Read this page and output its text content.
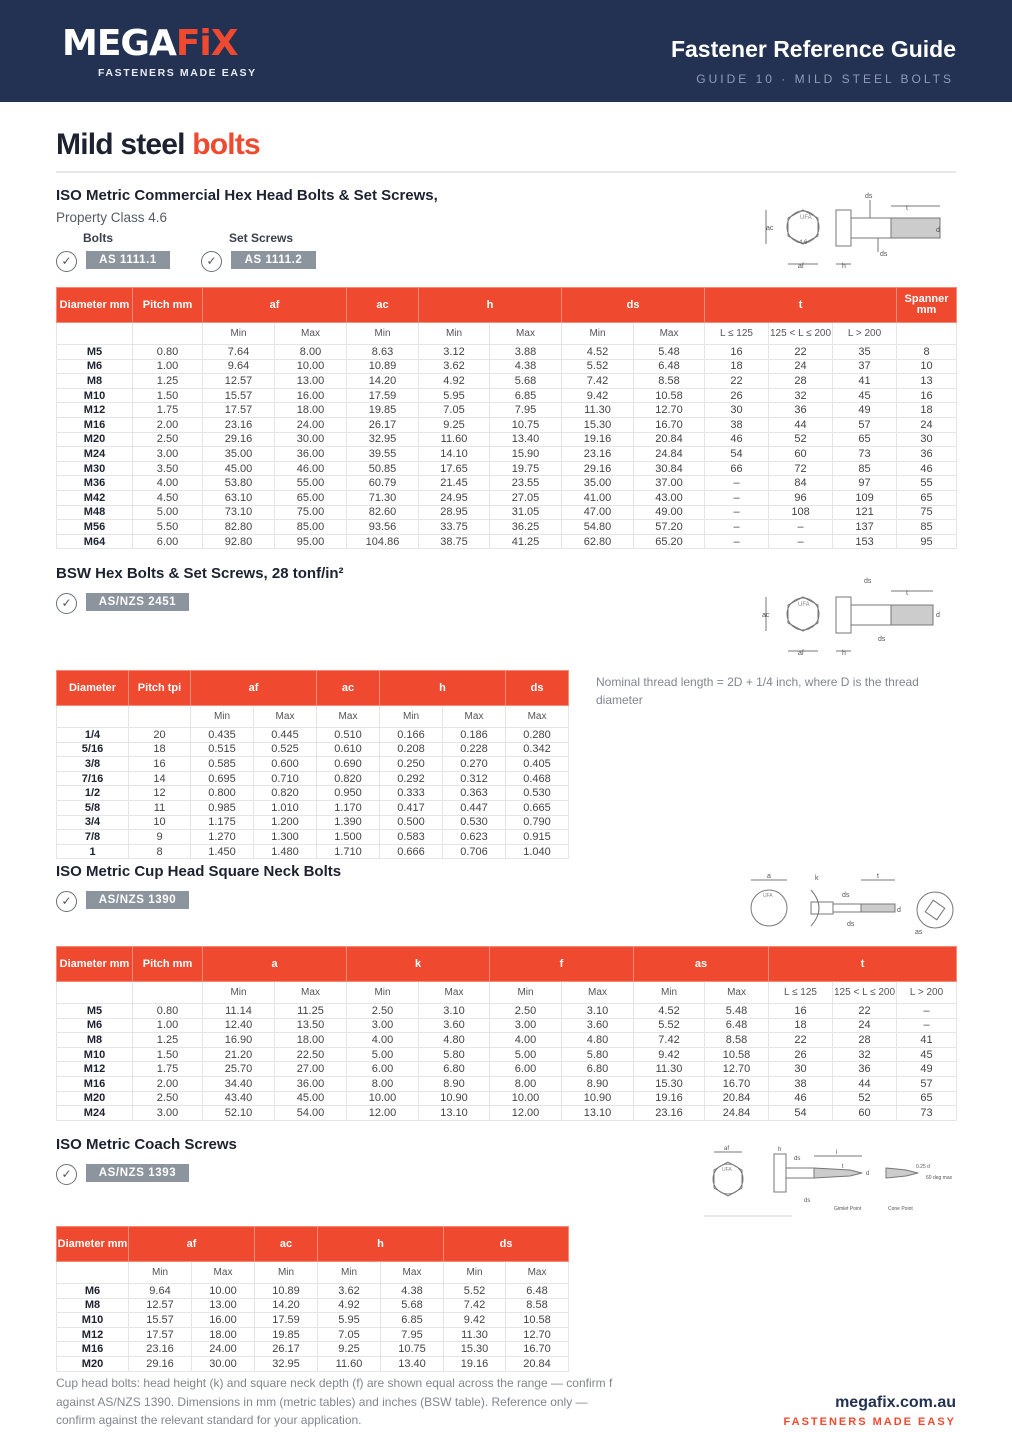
MEGAFiX
FASTENERS MADE EASY
Fastener Reference Guide
GUIDE 10 · MILD STEEL BOLTS
Mild steel bolts
ISO Metric Commercial Hex Head Bolts & Set Screws,
Property Class 4.6
Bolts	Set Screws
✓	AS 1111.1	✓	AS 1111.2
UFA
4.6
ac
af	h
ds
t
d
ds
Diameter mm	Pitch mm	af		ac	h		ds		t			Spanner mm
		Min	Max	Min	Min	Max	Min	Max	L ≤ 125	125 < L ≤ 200	L > 200	
M5	0.80	7.64	8.00	8.63	3.12	3.88	4.52	5.48	16	22	35	8
M6	1.00	9.64	10.00	10.89	3.62	4.38	5.52	6.48	18	24	37	10
M8	1.25	12.57	13.00	14.20	4.92	5.68	7.42	8.58	22	28	41	13
M10	1.50	15.57	16.00	17.59	5.95	6.85	9.42	10.58	26	32	45	16
M12	1.75	17.57	18.00	19.85	7.05	7.95	11.30	12.70	30	36	49	18
M16	2.00	23.16	24.00	26.17	9.25	10.75	15.30	16.70	38	44	57	24
M20	2.50	29.16	30.00	32.95	11.60	13.40	19.16	20.84	46	52	65	30
M24	3.00	35.00	36.00	39.55	14.10	15.90	23.16	24.84	54	60	73	36
M30	3.50	45.00	46.00	50.85	17.65	19.75	29.16	30.84	66	72	85	46
M36	4.00	53.80	55.00	60.79	21.45	23.55	35.00	37.00	–	84	97	55
M42	4.50	63.10	65.00	71.30	24.95	27.05	41.00	43.00	–	96	109	65
M48	5.00	73.10	75.00	82.60	28.95	31.05	47.00	49.00	–	108	121	75
M56	5.50	82.80	85.00	93.56	33.75	36.25	54.80	57.20	–	–	137	85
M64	6.00	92.80	95.00	104.86	38.75	41.25	62.80	65.20	–	–	153	95
BSW Hex Bolts & Set Screws, 28 tonf/in²
✓	AS/NZS 2451	UFA
ac
af	h
ds
t
d
ds
Diameter	Pitch tpi	af		ac	h		ds
		Min	Max	Max	Min	Max	Max
1/4	20	0.435	0.445	0.510	0.166	0.186	0.280
5/16	18	0.515	0.525	0.610	0.208	0.228	0.342
3/8	16	0.585	0.600	0.690	0.250	0.270	0.405
7/16	14	0.695	0.710	0.820	0.292	0.312	0.468
1/2	12	0.800	0.820	0.950	0.333	0.363	0.530
5/8	11	0.985	1.010	1.170	0.417	0.447	0.665
3/4	10	1.175	1.200	1.390	0.500	0.530	0.790
7/8	9	1.270	1.300	1.500	0.583	0.623	0.915
1	8	1.450	1.480	1.710	0.666	0.706	1.040
Nominal thread length = 2D + 1/4 inch, where D is the thread diameter
ISO Metric Cup Head Square Neck Bolts
✓	AS/NZS 1390
a
UFA
k
ds
t
d
ds
as
Diameter mm	Pitch mm	a		k		f		as		t		
		Min	Max	Min	Max	Min	Max	Min	Max	L ≤ 125	125 < L ≤ 200	L > 200
M5	0.80	11.14	11.25	2.50	3.10	2.50	3.10	4.52	5.48	16	22	–
M6	1.00	12.40	13.50	3.00	3.60	3.00	3.60	5.52	6.48	18	24	–
M8	1.25	16.90	18.00	4.00	4.80	4.00	4.80	7.42	8.58	22	28	41
M10	1.50	21.20	22.50	5.00	5.80	5.00	5.80	9.42	10.58	26	32	45
M12	1.75	25.70	27.00	6.00	6.80	6.00	6.80	11.30	12.70	30	36	49
M16	2.00	34.40	36.00	8.00	8.90	8.00	8.90	15.30	16.70	38	44	57
M20	2.50	43.40	45.00	10.00	10.90	10.00	10.90	19.16	20.84	46	52	65
M24	3.00	52.10	54.00	12.00	13.10	12.00	13.10	23.16	24.84	54	60	73
ISO Metric Coach Screws
✓	AS/NZS 1393
af
UFA
h
ds
l
t
d
ds
0.25 d
60 deg max
Gimlet Point	Cone Point
Diameter mm	af		ac	h		ds	
	Min	Max	Min	Min	Max	Min	Max
M6	9.64	10.00	10.89	3.62	4.38	5.52	6.48
M8	12.57	13.00	14.20	4.92	5.68	7.42	8.58
M10	15.57	16.00	17.59	5.95	6.85	9.42	10.58
M12	17.57	18.00	19.85	7.05	7.95	11.30	12.70
M16	23.16	24.00	26.17	9.25	10.75	15.30	16.70
M20	29.16	30.00	32.95	11.60	13.40	19.16	20.84
Cup head bolts: head height (k) and square neck depth (f) are shown equal across the range — confirm f against AS/NZS 1390. Dimensions in mm (metric tables) and inches (BSW table). Reference only — confirm against the relevant standard for your application.
megafix.com.au
FASTENERS MADE EASY
